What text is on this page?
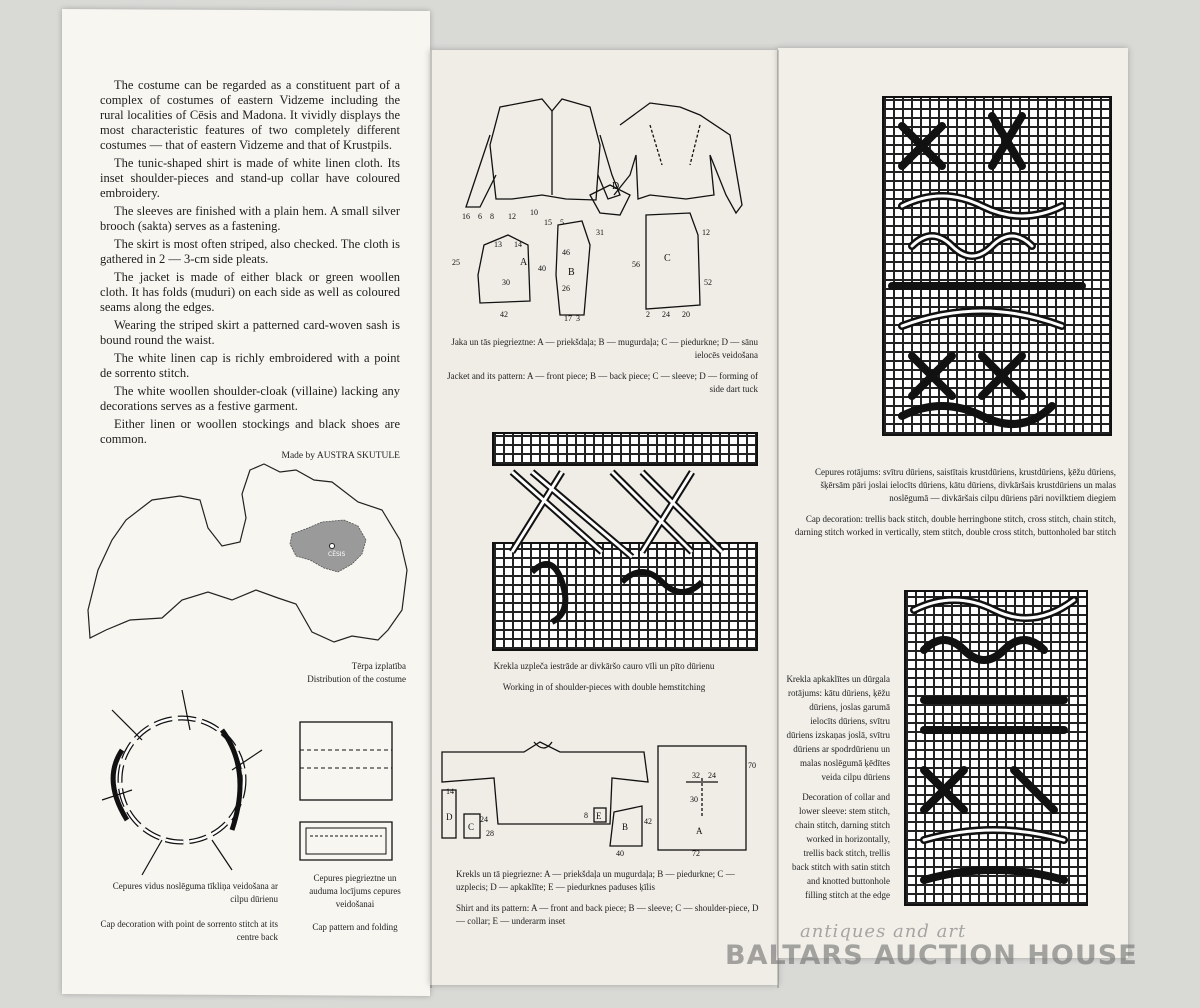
The costume can be regarded as a constituent part of a complex of costumes of eastern Vidzeme including the rural localities of Cēsis and Madona. It vividly displays the most characteristic features of two completely different costumes — that of eastern Vidzeme and that of Krustpils.

The tunic-shaped shirt is made of white linen cloth. Its inset shoulder-pieces and stand-up collar have coloured embroidery.

The sleeves are finished with a plain hem. A small silver brooch (sakta) serves as a fastening.

The skirt is most often striped, also checked. The cloth is gathered in 2 — 3-cm side pleats.

The jacket is made of either black or green woollen cloth. It has folds (muduri) on each side as well as coloured seams along the edges.

Wearing the striped skirt a patterned card-woven sash is bound round the waist.

The white linen cap is richly embroidered with a point de sorrento stitch.

The white woollen shoulder-cloak (villaine) lacking any decorations serves as a festive garment.

Either linen or woollen stockings and black shoes are common.

Made by AUSTRA SKUTULE
CĒSIS
Tērpa izplatība
Distribution of the costume
Cepures vidus noslēguma tīkliņa veidošana ar cilpu dūrienu
Cap decoration with point de sorrento stitch at its centre back
Cepures piegrieztne un auduma locījums cepures veidošanai
Cap pattern and folding
16 6 8 12 10
15 5
13 14
25
30
40
46
26
56
52
42	17 3	2 24 20
31	12
A
B
C
D
Jaka un tās piegrieztne: A — priekšdaļa; B — mugurdaļa; C — piedurkne; D — sānu ielocēs veidošana
Jacket and its pattern: A — front piece; B — back piece; C — sleeve; D — forming of side dart tuck
Krekla uzpleča iestrāde ar divkāršo cauro vīli un pīto dūrienu
Working in of shoulder-pieces with double hemstitching
14
24
28
8
42
40
32 24
30
70
72
D
C
E
B	A
Krekls un tā piegriezne: A — priekšdaļa un mugurdaļa; B — piedurkne; C — uzplecis; D — apkaklīte; E — piedurknes paduses ķīlis
Shirt and its pattern: A — front and back piece; B — sleeve; C — shoulder-piece, D — collar; E — underarm inset
Cepures rotājums: svītru dūriens, saistītais krustdūriens, krustdūriens, ķēžu dūriens, šķērsām pāri joslai ielocīts dūriens, kātu dūriens, divkāršais krustdūriens un malas noslēgumā — divkāršais cilpu dūriens pāri novilktiem diegiem
Cap decoration: trellis back stitch, double herringbone stitch, cross stitch, chain stitch, darning stitch worked in vertically, stem stitch, double cross stitch, buttonholed bar stitch
Krekla apkaklītes un dūrgala rotājums: kātu dūriens, ķēžu dūriens, joslas garumā ielocīts dūriens, svītru dūriens izskaņas joslā, svītru dūriens ar spodrdūrienu un malas noslēgumā ķēdītes veida cilpu dūriens
Decoration of collar and lower sleeve: stem stitch, chain stitch, darning stitch worked in horizontally, trellis back stitch, trellis back stitch with satin stitch and knotted buttonhole filling stitch at the edge
antiques and art
BALTARS AUCTION HOUSE
